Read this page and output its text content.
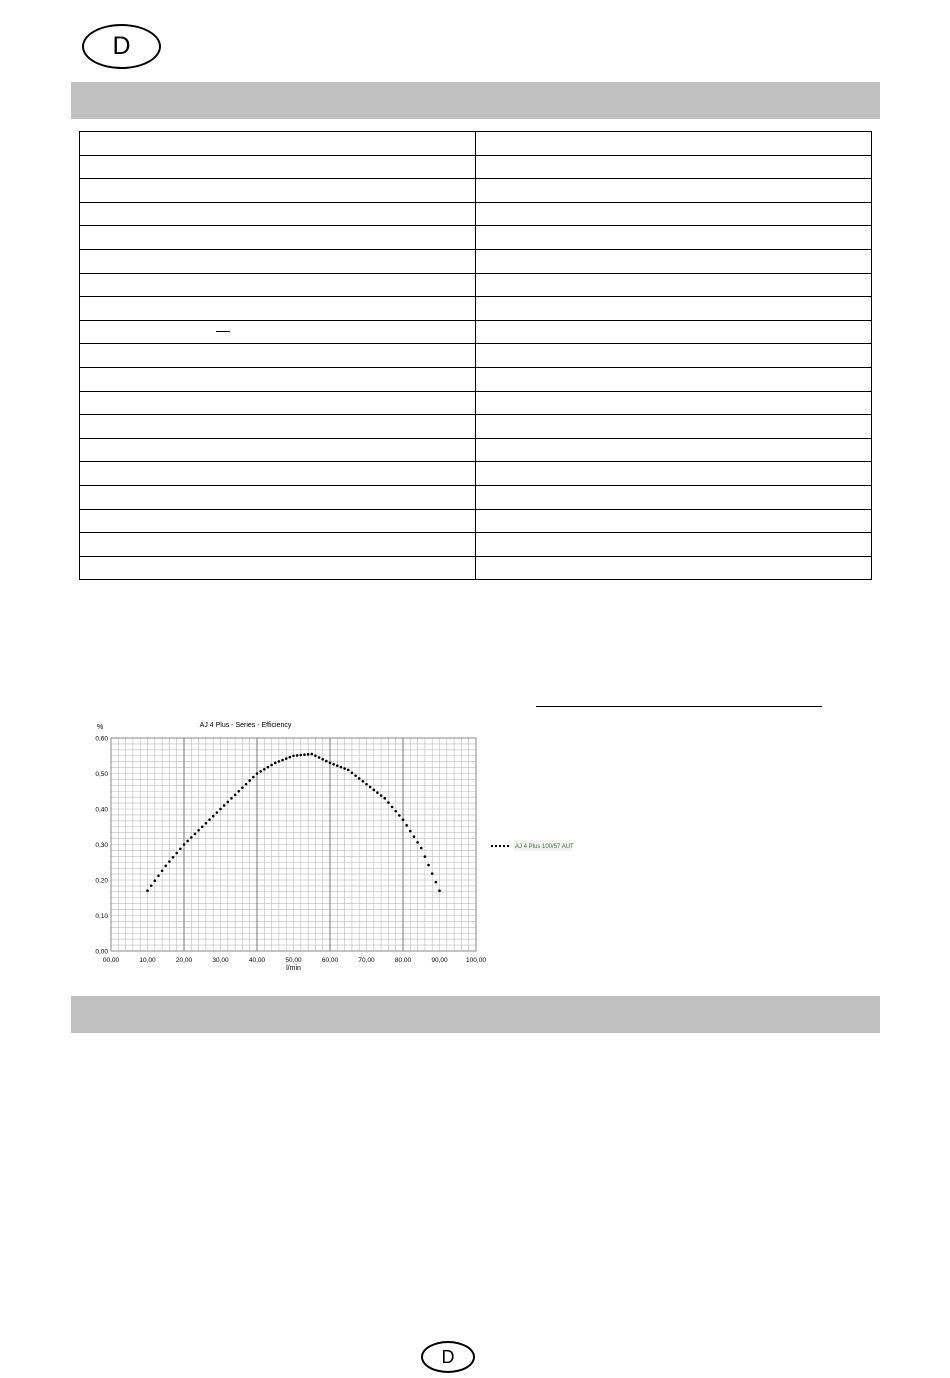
D

AJ 4 Plus - Series - Efficiency
%
l/min
00,00	10,00	20,00	30,00	40,00	50,00	60,00	70,00	80,00	90,00	100,00
0,00
0,10
0,20
0,30
0,40
0,50
0,60
AJ 4 Plus 100/57 AUT
D
